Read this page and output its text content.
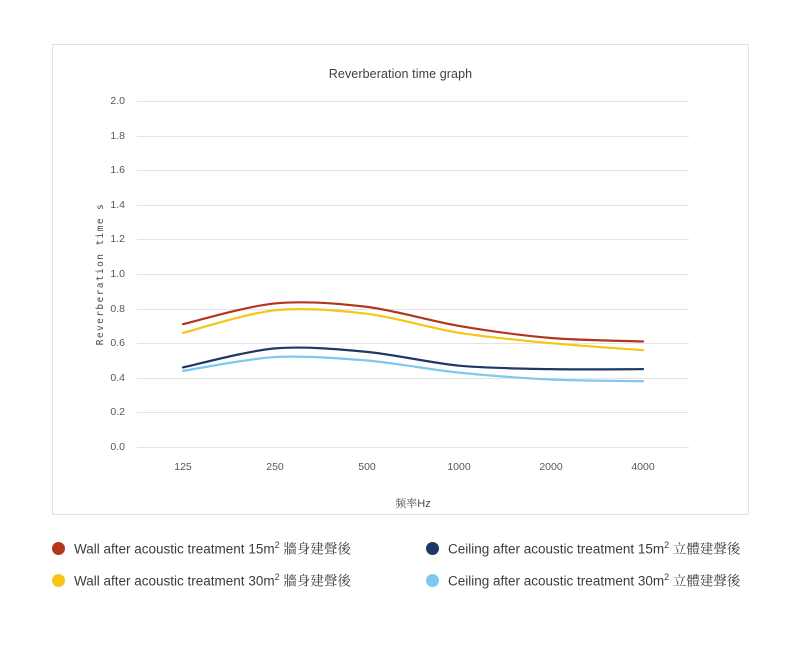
Reverberation time graph
Reverberation time s
0.0
0.2
0.4
0.6
0.8
1.0
1.2
1.4
1.6
1.8
2.0
125	250	500	1000	2000	4000
频率Hz
Wall after acoustic treatment $15m^2$ 牆身建聲後	Ceiling after acoustic treatment $15m^2$ 立體建聲後
Wall after acoustic treatment $30m^2$ 牆身建聲後	Ceiling after acoustic treatment $30m^2$ 立體建聲後
